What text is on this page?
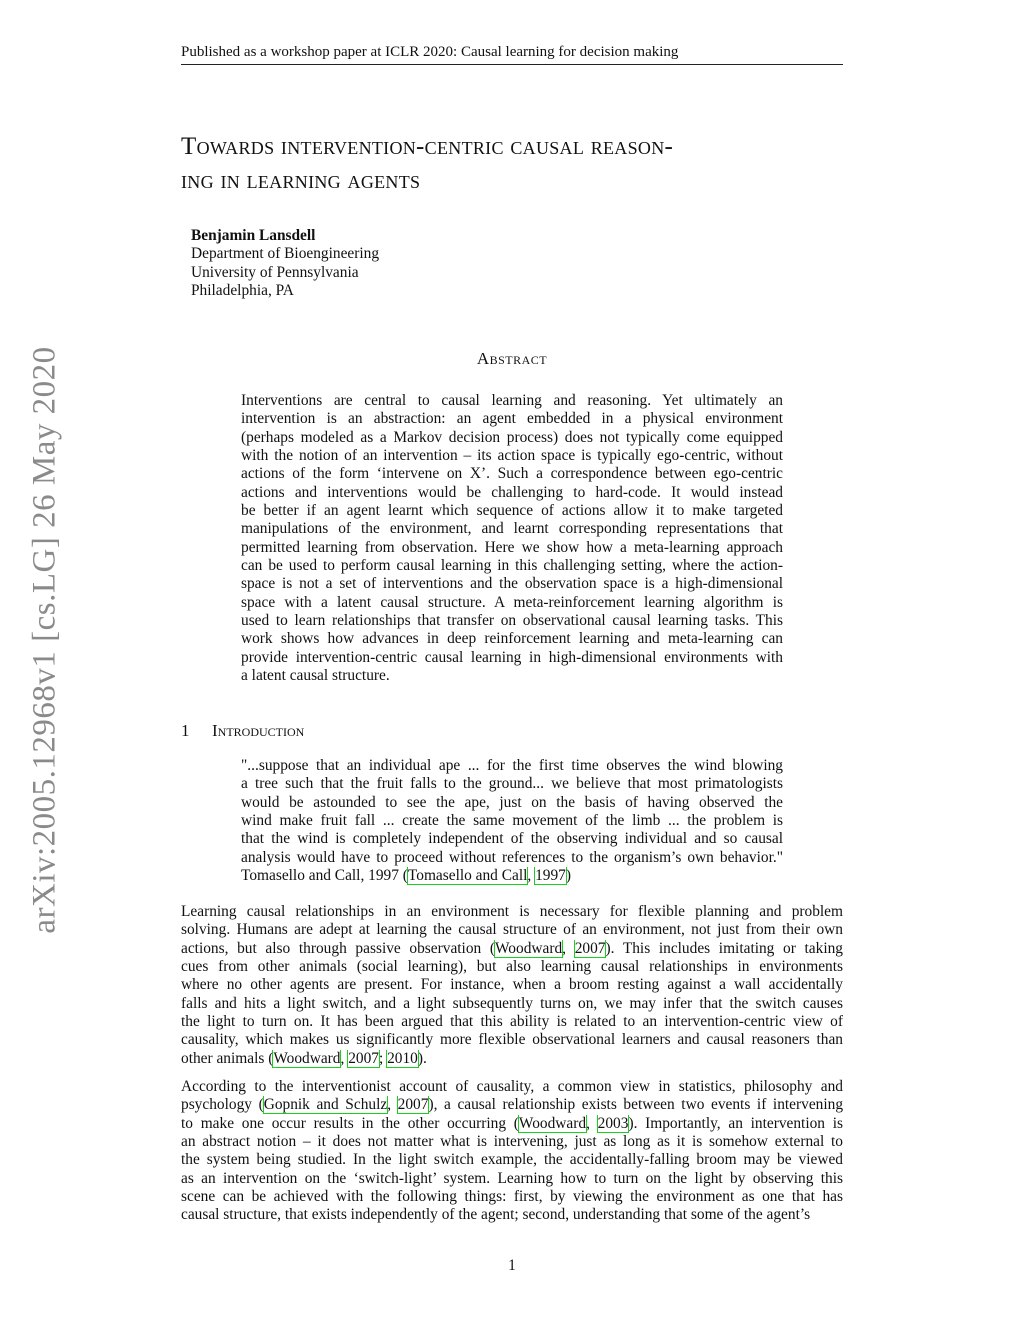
Published as a workshop paper at ICLR 2020: Causal learning for decision making
Towards intervention-centric causal reason-
ing in learning agents
Benjamin Lansdell
Department of Bioengineering
University of Pennsylvania
Philadelphia, PA
Abstract
Interventions are central to causal learning and reasoning. Yet ultimately an
intervention is an abstraction: an agent embedded in a physical environment
(perhaps modeled as a Markov decision process) does not typically come equipped
with the notion of an intervention – its action space is typically ego-centric, without
actions of the form ‘intervene on X’. Such a correspondence between ego-centric
actions and interventions would be challenging to hard-code. It would instead
be better if an agent learnt which sequence of actions allow it to make targeted
manipulations of the environment, and learnt corresponding representations that
permitted learning from observation. Here we show how a meta-learning approach
can be used to perform causal learning in this challenging setting, where the action-
space is not a set of interventions and the observation space is a high-dimensional
space with a latent causal structure. A meta-reinforcement learning algorithm is
used to learn relationships that transfer on observational causal learning tasks. This
work shows how advances in deep reinforcement learning and meta-learning can
provide intervention-centric causal learning in high-dimensional environments with
a latent causal structure.
1 Introduction
"...suppose that an individual ape ... for the first time observes the wind blowing
a tree such that the fruit falls to the ground... we believe that most primatologists
would be astounded to see the ape, just on the basis of having observed the
wind make fruit fall ... create the same movement of the limb ... the problem is
that the wind is completely independent of the observing individual and so causal
analysis would have to proceed without references to the organism’s own behavior."
Tomasello and Call, 1997 (Tomasello and Call, 1997)
Learning causal relationships in an environment is necessary for flexible planning and problem
solving. Humans are adept at learning the causal structure of an environment, not just from their own
actions, but also through passive observation (Woodward, 2007). This includes imitating or taking
cues from other animals (social learning), but also learning causal relationships in environments
where no other agents are present. For instance, when a broom resting against a wall accidentally
falls and hits a light switch, and a light subsequently turns on, we may infer that the switch causes
the light to turn on. It has been argued that this ability is related to an intervention-centric view of
causality, which makes us significantly more flexible observational learners and causal reasoners than
other animals (Woodward, 2007; 2010).
According to the interventionist account of causality, a common view in statistics, philosophy and
psychology (Gopnik and Schulz, 2007), a causal relationship exists between two events if intervening
to make one occur results in the other occurring (Woodward, 2003). Importantly, an intervention is
an abstract notion – it does not matter what is intervening, just as long as it is somehow external to
the system being studied. In the light switch example, the accidentally-falling broom may be viewed
as an intervention on the ‘switch-light’ system. Learning how to turn on the light by observing this
scene can be achieved with the following things: first, by viewing the environment as one that has
causal structure, that exists independently of the agent; second, understanding that some of the agent’s
arXiv:2005.12968v1 [cs.LG] 26 May 2020
1
